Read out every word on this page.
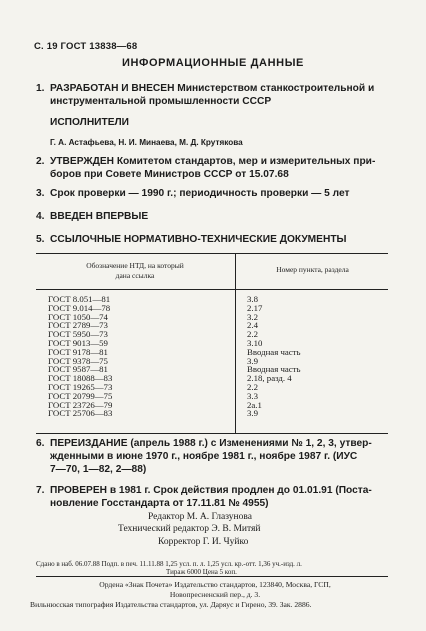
С. 19 ГОСТ 13838—68
ИНФОРМАЦИОННЫЕ ДАННЫЕ
1. РАЗРАБОТАН И ВНЕСЕН Министерством станкостроительной и
инструментальной промышленности СССР
ИСПОЛНИТЕЛИ
Г. А. Астафьева, Н. И. Минаева, М. Д. Крутякова
2. УТВЕРЖДЕН Комитетом стандартов, мер и измерительных при-
боров при Совете Министров СССР от 15.07.68
3. Срок проверки — 1990 г.; периодичность проверки — 5 лет
4. ВВЕДЕН ВПЕРВЫЕ
5. ССЫЛОЧНЫЕ НОРМАТИВНО-ТЕХНИЧЕСКИЕ ДОКУМЕНТЫ
Обозначение НТД, на который
дана ссылка
Номер пункта, раздела
ГОСТ 8.051—81
ГОСТ 9.014—78
ГОСТ 1050—74
ГОСТ 2789—73
ГОСТ 5950—73
ГОСТ 9013—59
ГОСТ 9178—81
ГОСТ 9378—75
ГОСТ 9587—81
ГОСТ 18088—83
ГОСТ 19265—73
ГОСТ 20799—75
ГОСТ 23726—79
ГОСТ 25706—83
3.8
2.17
3.2
2.4
2.2
3.10
Вводная часть
3.9
Вводная часть
2.18, разд. 4
2.2
3.3
2а.1
3.9
6. ПЕРЕИЗДАНИЕ (апрель 1988 г.) с Изменениями № 1, 2, 3, утвер-
жденными в июне 1970 г., ноябре 1981 г., ноябре 1987 г. (ИУС
7—70, 1—82, 2—88)
7. ПРОВЕРЕН в 1981 г. Срок действия продлен до 01.01.91 (Поста-
новление Госстандарта от 17.11.81 № 4955)
Редактор М. А. Глазунова
Технический редактор Э. В. Митяй
Корректор Г. И. Чуйко
Сдано в наб. 06.07.88 Подп. в печ. 11.11.88 1,25 усл. п. л. 1,25 усл. кр.-отт. 1,36 уч.-изд. л.
Тираж 6000 Цена 5 коп.
Ордена «Знак Почета» Издательство стандартов, 123840, Москва, ГСП,
Новопресненский пер., д. 3.
Вильнюсская типография Издательства стандартов, ул. Даряус и Гирено, 39. Зак. 2886.
